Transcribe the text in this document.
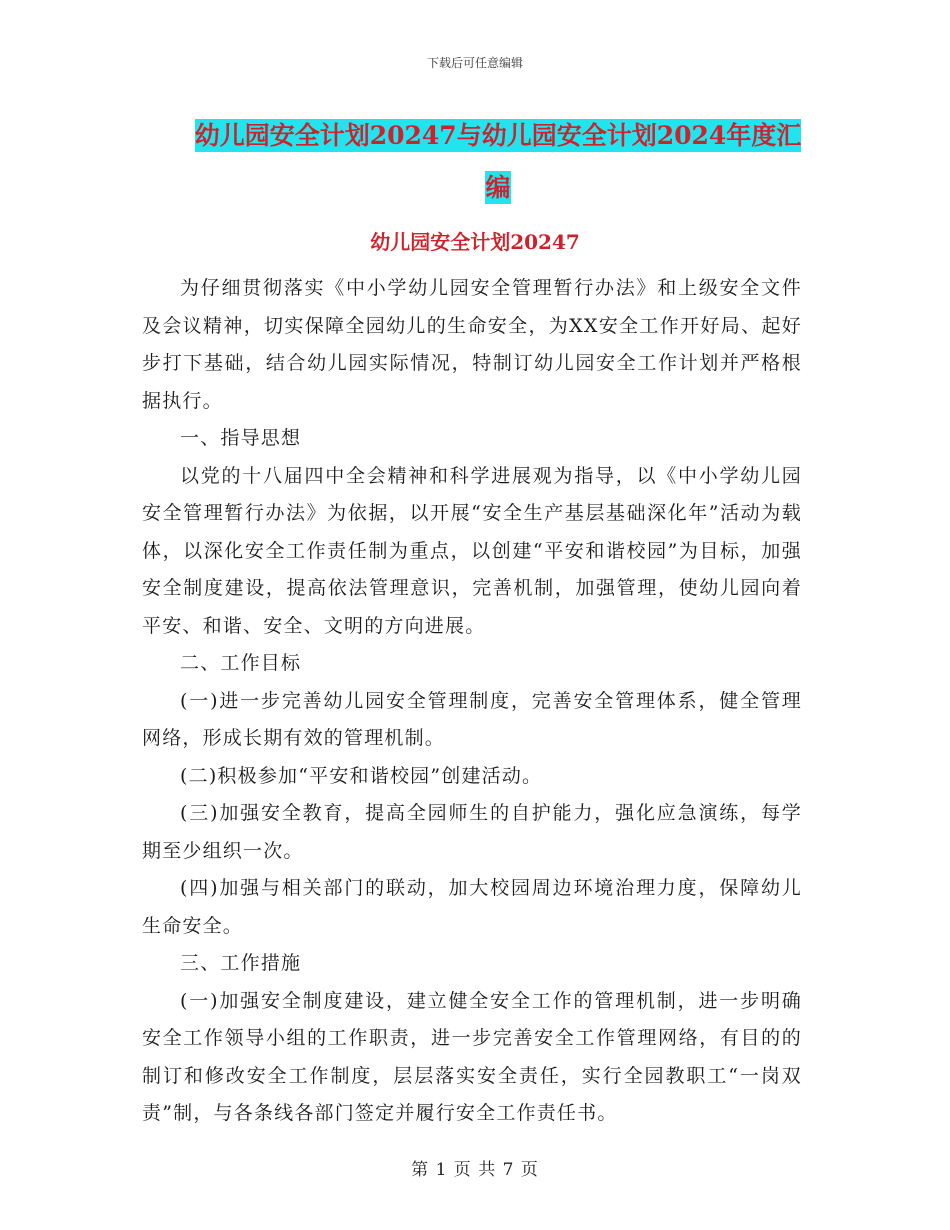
下载后可任意编辑
幼儿园安全计划20247与幼儿园安全计划2024年度汇编
幼儿园安全计划20247

为仔细贯彻落实《中小学幼儿园安全管理暂行办法》和上级安全文件及会议精神，切实保障全园幼儿的生命安全，为XX安全工作开好局、起好步打下基础，结合幼儿园实际情况，特制订幼儿园安全工作计划并严格根据执行。

一、指导思想

以党的十八届四中全会精神和科学进展观为指导，以《中小学幼儿园安全管理暂行办法》为依据，以开展“安全生产基层基础深化年”活动为载体，以深化安全工作责任制为重点，以创建“平安和谐校园”为目标，加强安全制度建设，提高依法管理意识，完善机制，加强管理，使幼儿园向着平安、和谐、安全、文明的方向进展。

二、工作目标

(一)进一步完善幼儿园安全管理制度，完善安全管理体系，健全管理网络，形成长期有效的管理机制。

(二)积极参加“平安和谐校园”创建活动。

(三)加强安全教育，提高全园师生的自护能力，强化应急演练，每学期至少组织一次。

(四)加强与相关部门的联动，加大校园周边环境治理力度，保障幼儿生命安全。

三、工作措施

(一)加强安全制度建设，建立健全安全工作的管理机制，进一步明确安全工作领导小组的工作职责，进一步完善安全工作管理网络，有目的的制订和修改安全工作制度，层层落实安全责任，实行全园教职工“一岗双责”制，与各条线各部门签定并履行安全工作责任书。

第 1 页 共 7 页
